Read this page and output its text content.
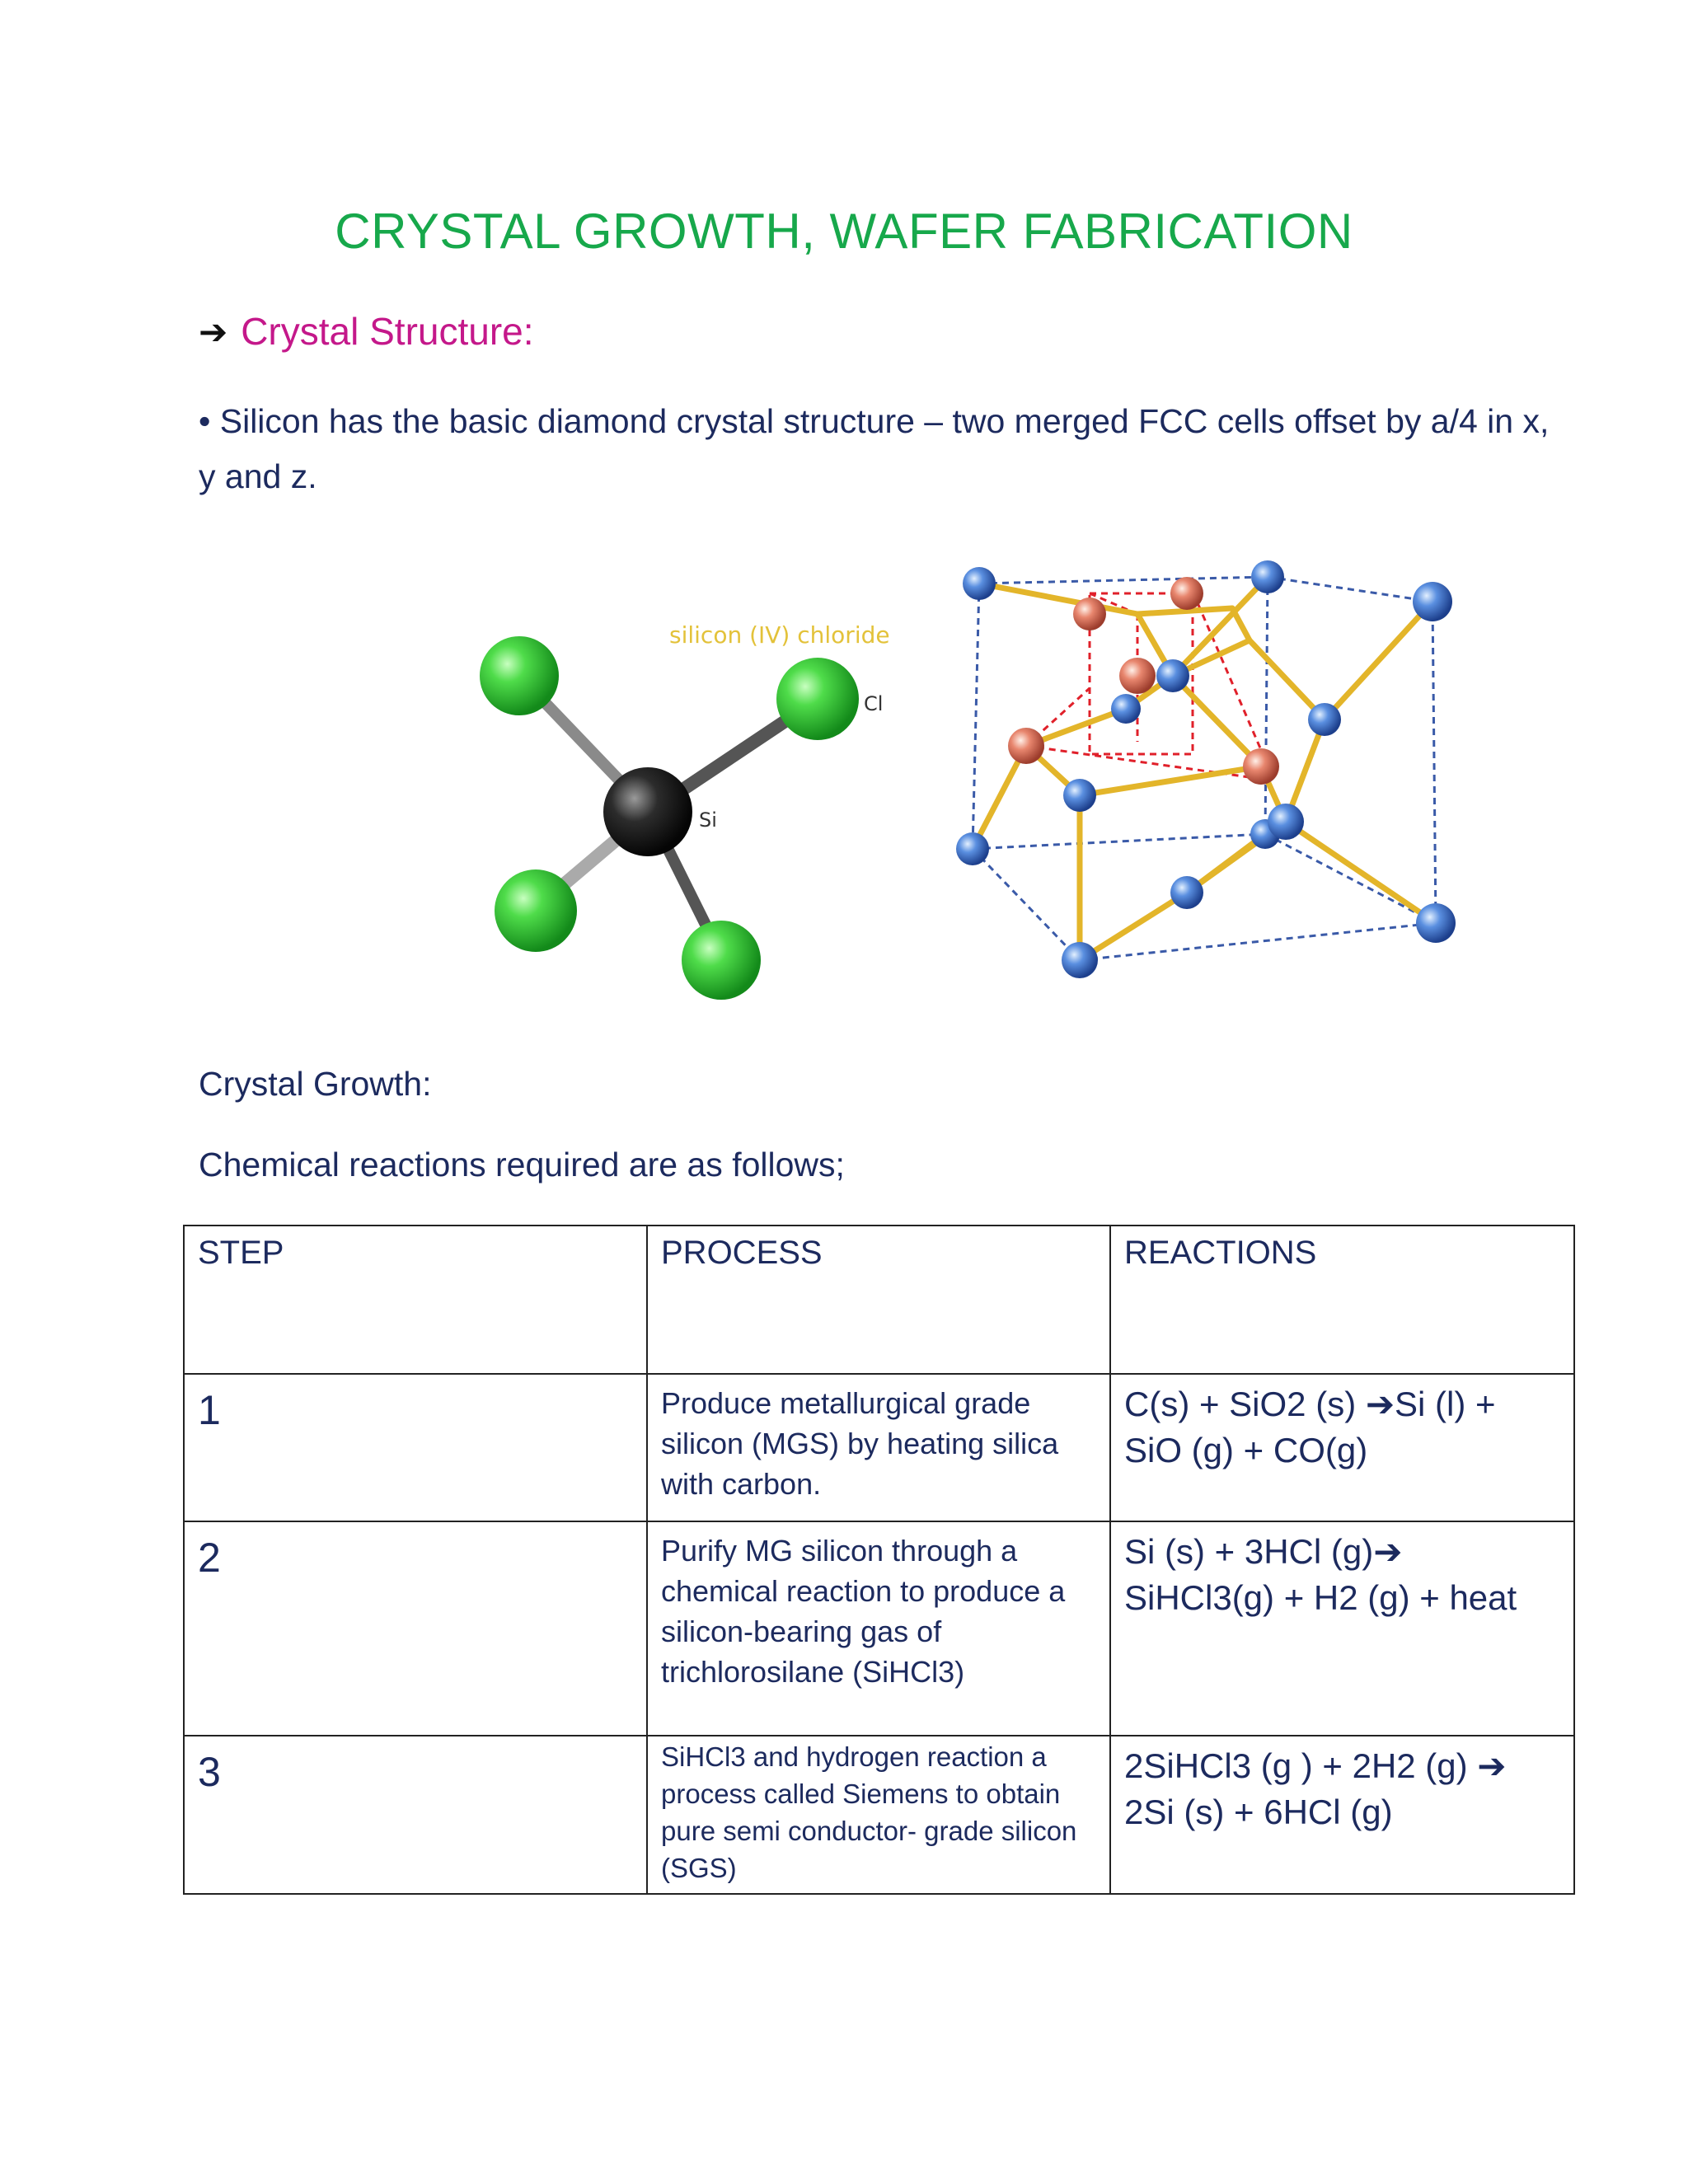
CRYSTAL GROWTH, WAFER FABRICATION
➔ Crystal Structure:
• Silicon has the basic diamond crystal structure – two merged FCC cells offset by a/4 in x, y and z.
silicon (IV) chloride
Cl
Si
Crystal Growth:
Chemical reactions required are as follows;
STEP	PROCESS	REACTIONS
1	Produce metallurgical grade silicon (MGS) by heating silica with carbon.	C(s) + SiO2 (s) ➔Si (l) + SiO (g) + CO(g)
2	Purify MG silicon through a chemical reaction to produce a silicon-bearing gas of trichlorosilane (SiHCl3)	Si (s) + 3HCl (g)➔ SiHCl3(g) + H2 (g) + heat
3	SiHCl3 and hydrogen reaction a process called Siemens to obtain pure semi conductor- grade silicon (SGS)	2SiHCl3 (g ) + 2H2 (g) ➔ 2Si (s) + 6HCl (g)
